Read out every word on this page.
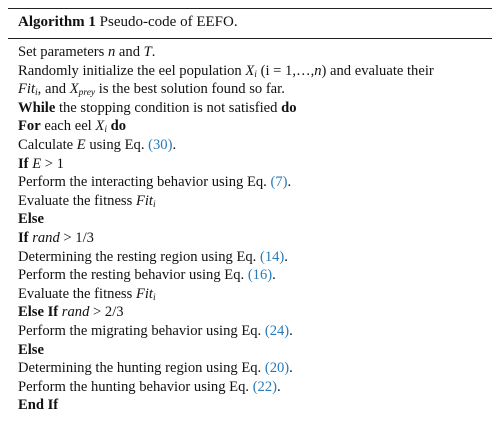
Algorithm 1 Pseudo-code of EEFO.
Set parameters n and T.
Randomly initialize the eel population $X_i$ (i = 1,…,n) and evaluate their
Fit$_i$, and $X_{prey}$ is the best solution found so far.
While the stopping condition is not satisfied do
For each eel $X_i$ do
Calculate E using Eq. (30).
If E > 1
Perform the interacting behavior using Eq. (7).
Evaluate the fitness Fit$_i$
Else
If rand > 1/3
Determining the resting region using Eq. (14).
Perform the resting behavior using Eq. (16).
Evaluate the fitness Fit$_i$
Else If rand > 2/3
Perform the migrating behavior using Eq. (24).
Else
Determining the hunting region using Eq. (20).
Perform the hunting behavior using Eq. (22).
End If
